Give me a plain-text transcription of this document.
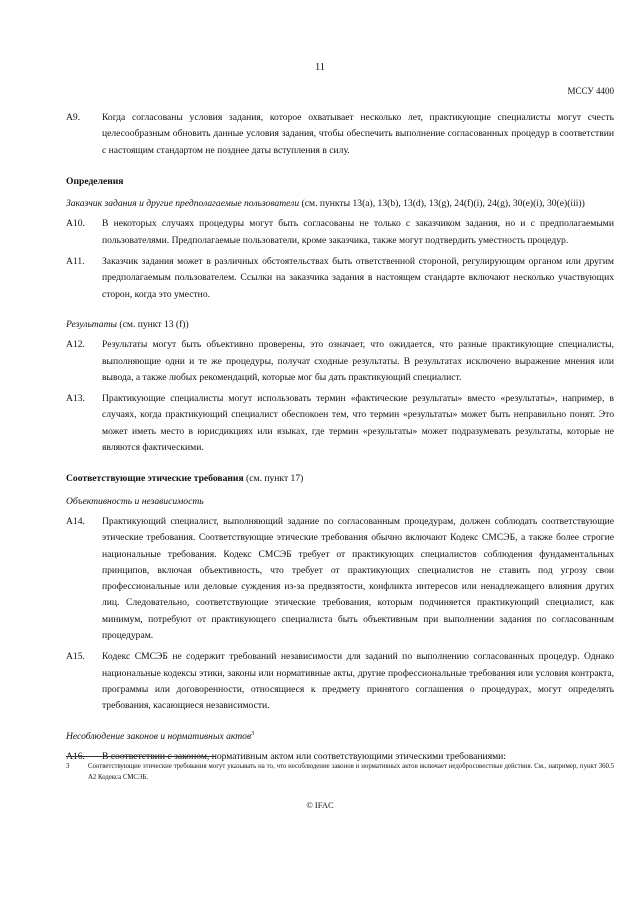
11
МССУ 4400
A9.	Когда согласованы условия задания, которое охватывает несколько лет, практикующие специалисты могут счесть целесообразным обновить данные условия задания, чтобы обеспечить выполнение согласованных процедур в соответствии с настоящим стандартом не позднее даты вступления в силу.
Определения
Заказчик задания и другие предполагаемые пользователи (см. пункты 13(a), 13(b), 13(d), 13(g), 24(f)(i), 24(g), 30(e)(i), 30(e)(iii))
A10.	В некоторых случаях процедуры могут быть согласованы не только с заказчиком задания, но и с предполагаемыми пользователями. Предполагаемые пользователи, кроме заказчика, также могут подтвердить уместность процедур.
A11.	Заказчик задания может в различных обстоятельствах быть ответственной стороной, регулирующим органом или другим предполагаемым пользователем. Ссылки на заказчика задания в настоящем стандарте включают несколько участвующих сторон, когда это уместно.
Результаты (см. пункт 13 (f))
A12.	Результаты могут быть объективно проверены, это означает, что ожидается, что разные практикующие специалисты, выполняющие одни и те же процедуры, получат сходные результаты. В результатах исключено выражение мнения или вывода, а также любых рекомендаций, которые мог бы дать практикующий специалист.
A13.	Практикующие специалисты могут использовать термин «фактические результаты» вместо «результаты», например, в случаях, когда практикующий специалист обеспокоен тем, что термин «результаты» может быть неправильно понят. Это может иметь место в юрисдикциях или языках, где термин «результаты» может подразумевать результаты, которые не являются фактическими.
Соответствующие этические требования (см. пункт 17)
Объективность и независимость
A14.	Практикующий специалист, выполняющий задание по согласованным процедурам, должен соблюдать соответствующие этические требования. Соответствующие этические требования обычно включают Кодекс СМСЭБ, а также более строгие национальные требования. Кодекс СМСЭБ требует от практикующих специалистов соблюдения фундаментальных принципов, включая объективность, что требует от практикующих специалистов не ставить под угрозу свои профессиональные или деловые суждения из-за предвзятости, конфликта интересов или ненадлежащего влияния других лиц. Следовательно, соответствующие этические требования, которым подчиняется практикующий специалист, как минимум, потребуют от практикующего специалиста быть объективным при выполнении задания по согласованным процедурам.
A15.	Кодекс СМСЭБ не содержит требований независимости для заданий по выполнению согласованных процедур. Однако национальные кодексы этики, законы или нормативные акты, другие профессиональные требования или условия контракта, программы или договоренности, относящиеся к предмету принятого соглашения о процедурах, могут определять требования, касающиеся независимости.
Несоблюдение законов и нормативных актов$^3$
A16.	В соответствии с законом, нормативным актом или соответствующими этическими требованиями:
3	Соответствующие этические требования могут указывать на то, что несоблюдение законов и нормативных актов включает недобросовестные действия. См., например, пункт 360.5 A2 Кодекса СМСЭБ.
© IFAC
